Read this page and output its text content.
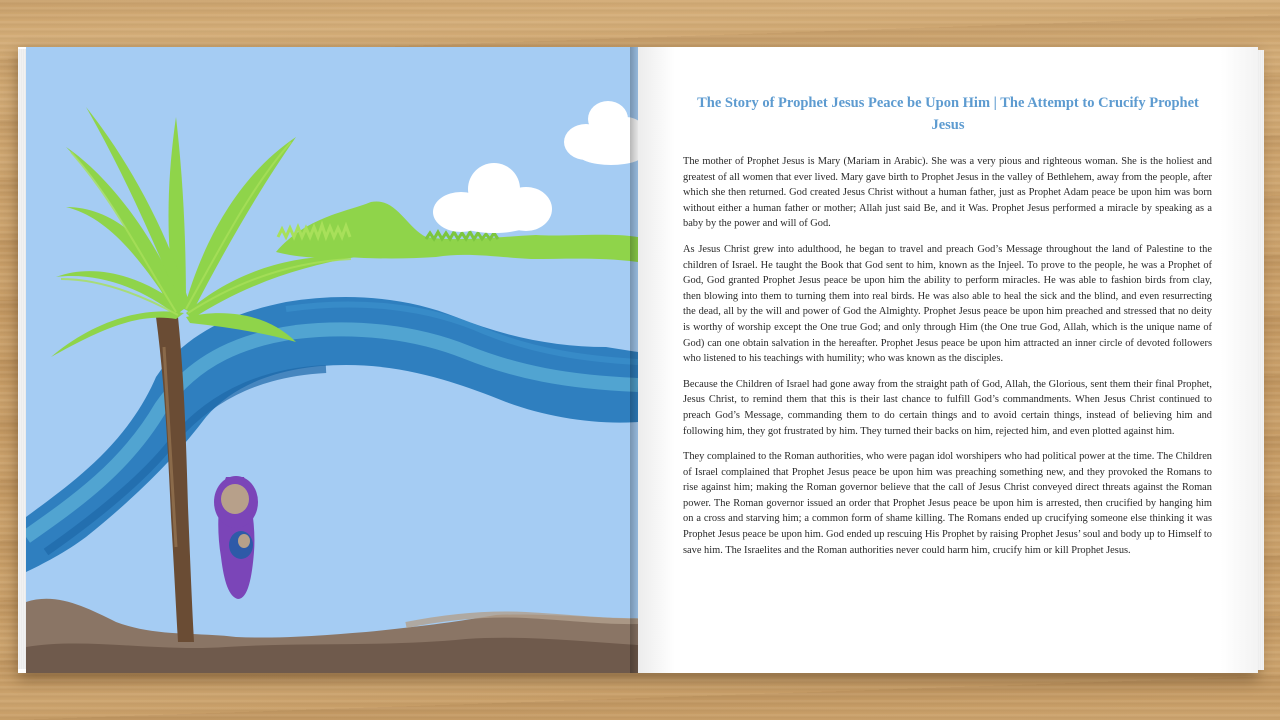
The Story of Prophet Jesus Peace be Upon Him | The Attempt to Crucify Prophet Jesus

The mother of Prophet Jesus is Mary (Mariam in Arabic). She was a very pious and righteous woman. She is the holiest and greatest of all women that ever lived. Mary gave birth to Prophet Jesus in the valley of Bethlehem, away from the people, after which she then returned. God created Jesus Christ without a human father, just as Prophet Adam peace be upon him was born without either a human father or mother; Allah just said Be, and it Was. Prophet Jesus performed a miracle by speaking as a baby by the power and will of God.

As Jesus Christ grew into adulthood, he began to travel and preach God’s Message throughout the land of Palestine to the children of Israel. He taught the Book that God sent to him, known as the Injeel. To prove to the people, he was a Prophet of God, God granted Prophet Jesus peace be upon him the ability to perform miracles. He was able to fashion birds from clay, then blowing into them to turning them into real birds. He was also able to heal the sick and the blind, and even resurrecting the dead, all by the will and power of God the Almighty. Prophet Jesus peace be upon him preached and stressed that no deity is worthy of worship except the One true God; and only through Him (the One true God, Allah, which is the unique name of God) can one obtain salvation in the hereafter. Prophet Jesus peace be upon him attracted an inner circle of devoted followers who listened to his teachings with humility; who was known as the disciples.

Because the Children of Israel had gone away from the straight path of God, Allah, the Glorious, sent them their final Prophet, Jesus Christ, to remind them that this is their last chance to fulfill God’s commandments. When Jesus Christ continued to preach God’s Message, commanding them to do certain things and to avoid certain things, instead of believing him and following him, they got frustrated by him. They turned their backs on him, rejected him, and even plotted against him.

They complained to the Roman authorities, who were pagan idol worshipers who had political power at the time. The Children of Israel complained that Prophet Jesus peace be upon him was preaching something new, and they provoked the Romans to rise against him; making the Roman governor believe that the call of Jesus Christ conveyed direct threats against the Roman power. The Roman governor issued an order that Prophet Jesus peace be upon him is arrested, then crucified by hanging him on a cross and starving him; a common form of shame killing. The Romans ended up crucifying someone else thinking it was Prophet Jesus peace be upon him. God ended up rescuing His Prophet by raising Prophet Jesus’ soul and body up to Himself to save him. The Israelites and the Roman authorities never could harm him, crucify him or kill Prophet Jesus.
